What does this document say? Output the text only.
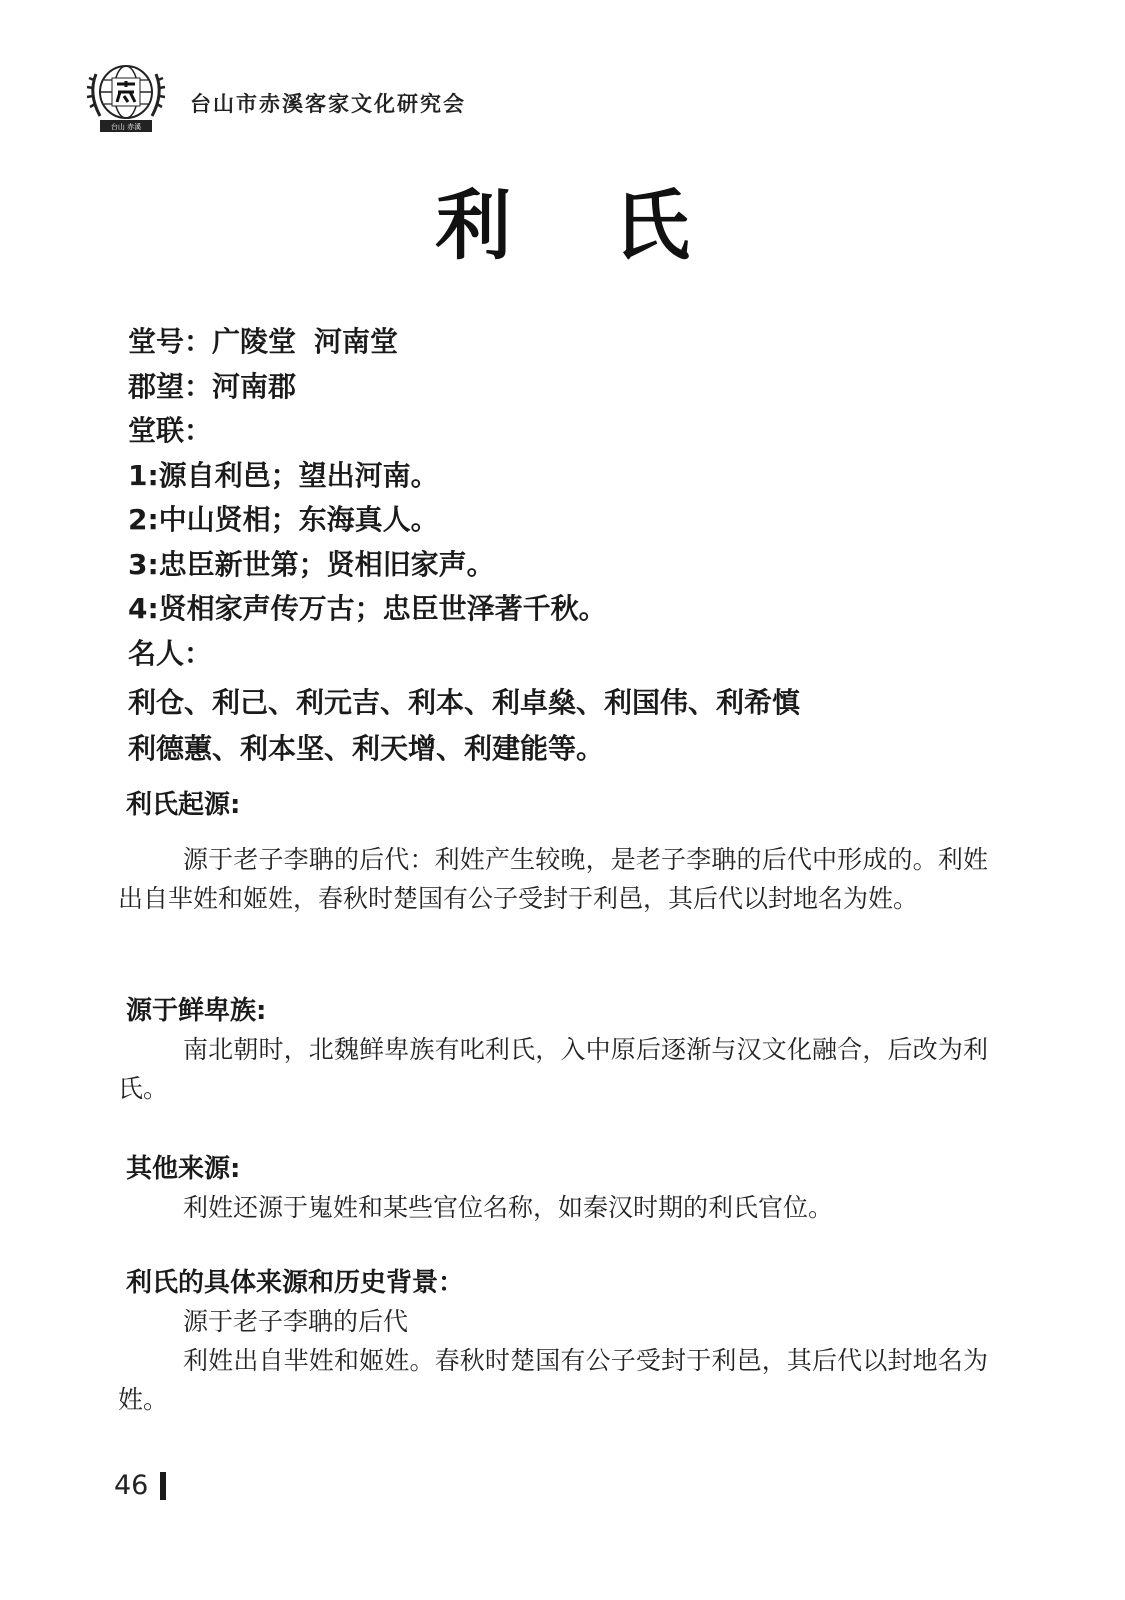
台山 赤溪
台山市赤溪客家文化研究会
利 氏
堂号：广陵堂 河南堂
郡望：河南郡
堂联：
1:源自利邑；望出河南。
2:中山贤相；东海真人。
3:忠臣新世第；贤相旧家声。
4:贤相家声传万古；忠臣世泽著千秋。
名人：
利仓、利己、利元吉、利本、利卓燊、利国伟、利希慎
利德蕙、利本坚、利天增、利建能等。
利氏起源:

源于老子李聃的后代：利姓产生较晚，是老子李聃的后代中形成的。利姓出自芈姓和姬姓，春秋时楚国有公子受封于利邑，其后代以封地名为姓。

源于鲜卑族:

南北朝时，北魏鲜卑族有叱利氏，入中原后逐渐与汉文化融合，后改为利氏。

其他来源:

利姓还源于嵬姓和某些官位名称，如秦汉时期的利氏官位。

利氏的具体来源和历史背景：

源于老子李聃的后代

利姓出自芈姓和姬姓。春秋时楚国有公子受封于利邑，其后代以封地名为姓。

46
